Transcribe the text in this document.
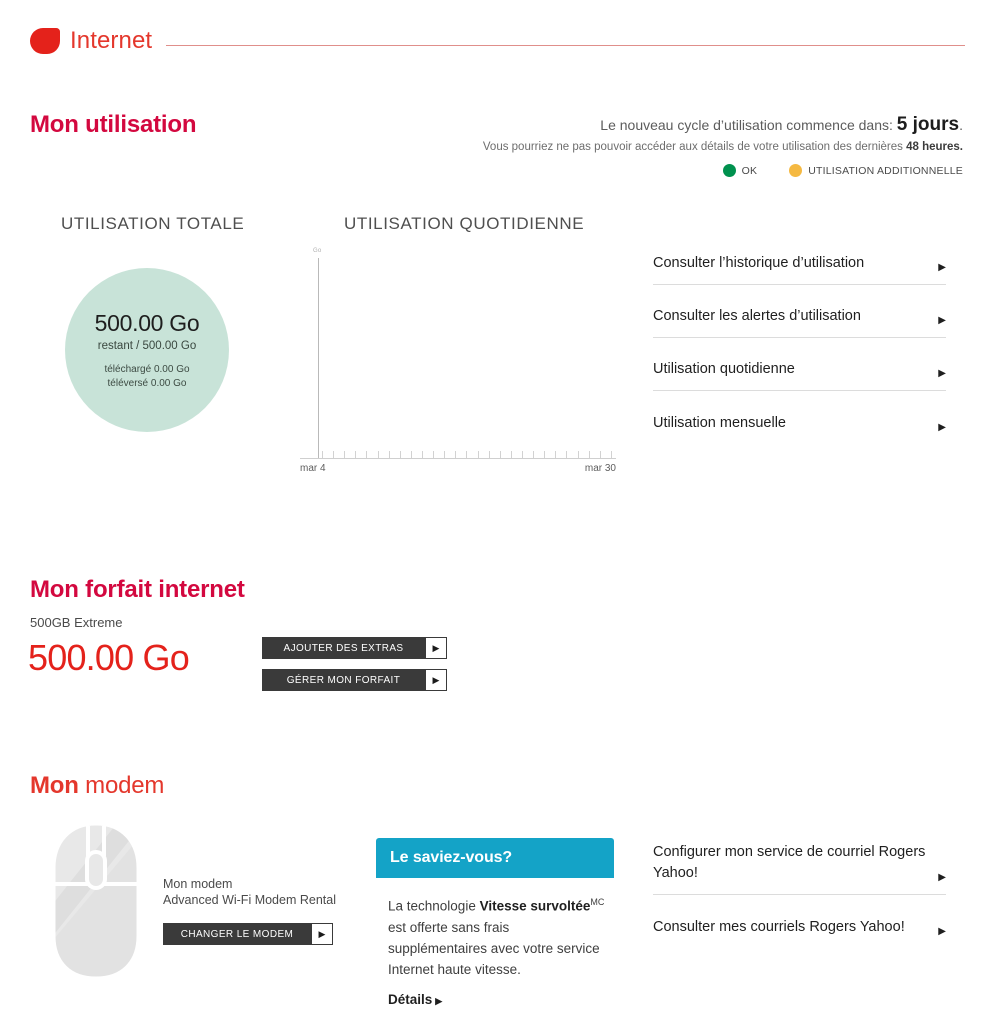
Internet
Mon utilisation	Le nouveau cycle d’utilisation commence dans: 5 jours.
Vous pourriez ne pas pouvoir accéder aux détails de votre utilisation des dernières 48 heures.
OK	UTILISATION ADDITIONNELLE
UTILISATION TOTALE
500.00 Go
restant / 500.00 Go
téléchargé 0.00 Go
téléversé 0.00 Go
UTILISATION QUOTIDIENNE
Go
mar 4	mar 30
Consulter l’historique d’utilisation	▶
Consulter les alertes d’utilisation	▶
Utilisation quotidienne	▶
Utilisation mensuelle	▶
Mon forfait internet
500GB Extreme
500.00 Go	AJOUTER DES EXTRAS	▶
GÉRER MON FORFAIT	▶
Mon modem
Mon modem
Advanced Wi-Fi Modem Rental
CHANGER LE MODEM	▶
Le saviez-vous?
La technologie Vitesse survoltée$^{MC}$ est offerte sans frais supplémentaires avec votre service Internet haute vitesse.
Détails ▶
Configurer mon service de courriel Rogers Yahoo!	▶
Consulter mes courriels Rogers Yahoo!	▶
